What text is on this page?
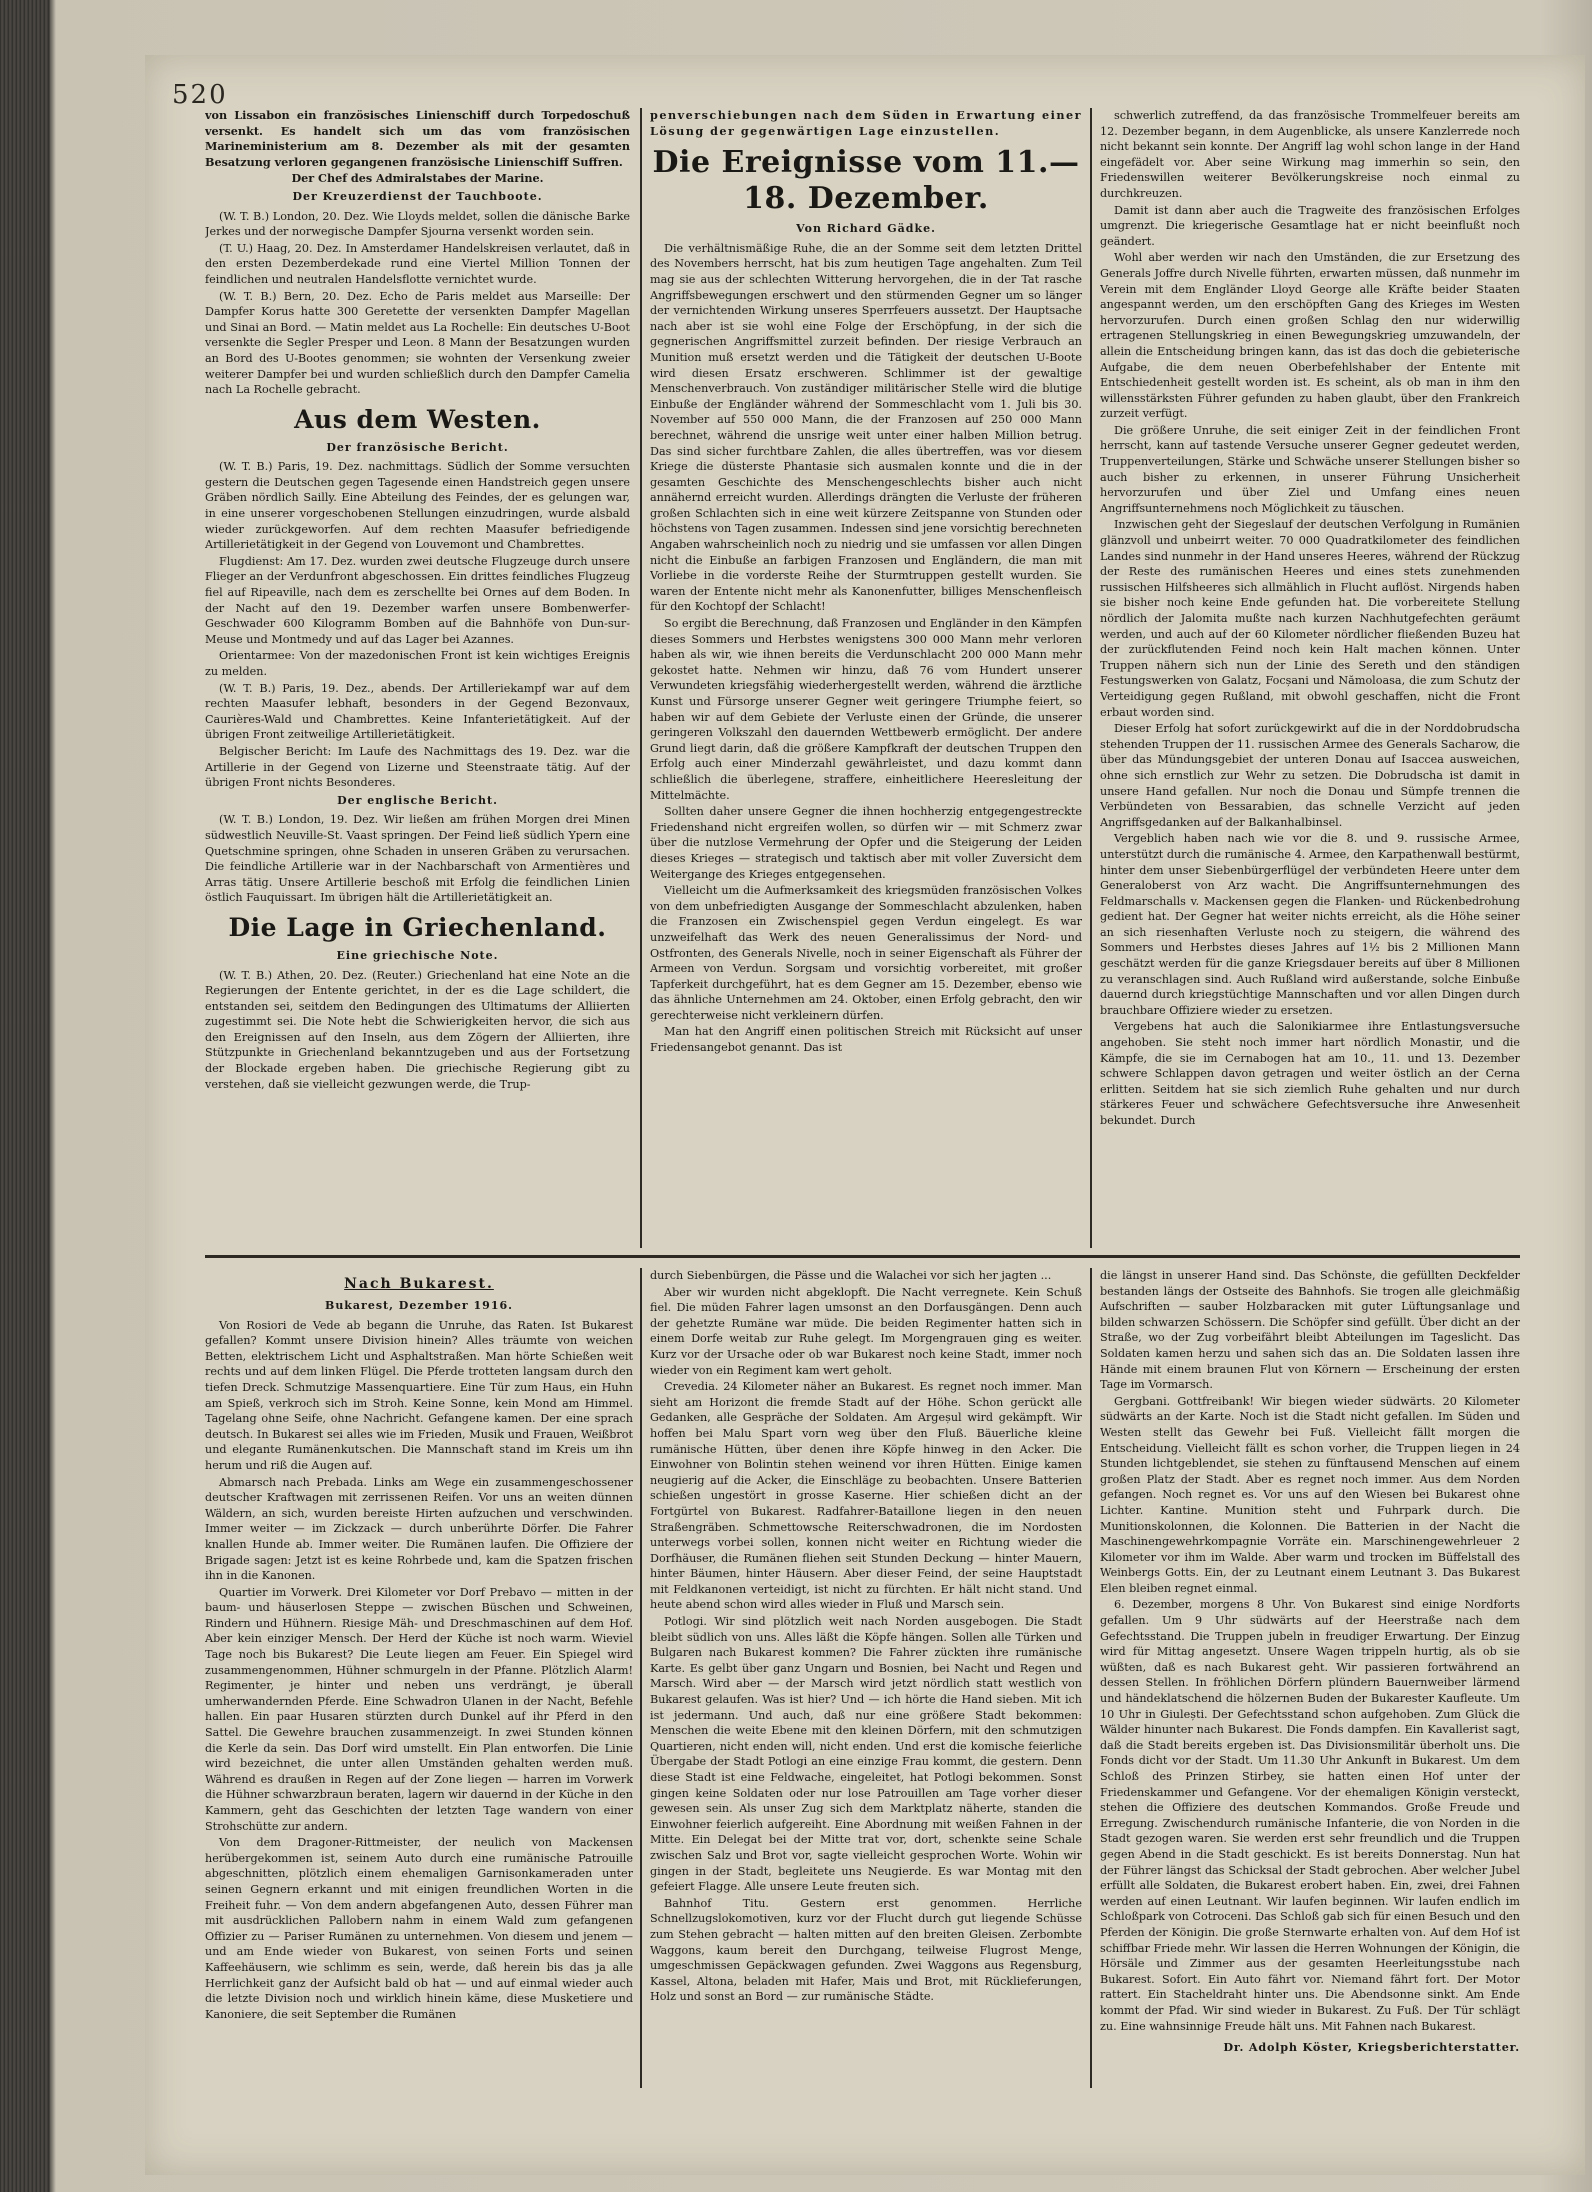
520

von Lissabon ein französisches Linienschiff durch Torpedoschuß versenkt. Es handelt sich um das vom französischen Marineministerium am 8. Dezember als mit der gesamten Besatzung verloren gegangenen französische Linienschiff Suffren.

Der Chef des Admiralstabes der Marine.

Der Kreuzerdienst der Tauchboote.

(W. T. B.) London, 20. Dez. Wie Lloyds meldet, sollen die dänische Barke Jerkes und der norwegische Dampfer Sjourna versenkt worden sein.

(T. U.) Haag, 20. Dez. In Amsterdamer Handelskreisen verlautet, daß in den ersten Dezemberdekade rund eine Viertel Million Tonnen der feindlichen und neutralen Handelsflotte vernichtet wurde.

(W. T. B.) Bern, 20. Dez. Echo de Paris meldet aus Marseille: Der Dampfer Korus hatte 300 Geretette der versenkten Dampfer Magellan und Sinai an Bord. — Matin meldet aus La Rochelle: Ein deutsches U-Boot versenkte die Segler Presper und Leon. 8 Mann der Besatzungen wurden an Bord des U-Bootes genommen; sie wohnten der Versenkung zweier weiterer Dampfer bei und wurden schließlich durch den Dampfer Camelia nach La Rochelle gebracht.

Aus dem Westen.

Der französische Bericht.

(W. T. B.) Paris, 19. Dez. nachmittags. Südlich der Somme versuchten gestern die Deutschen gegen Tagesende einen Handstreich gegen unsere Gräben nördlich Sailly. Eine Abteilung des Feindes, der es gelungen war, in eine unserer vorgeschobenen Stellungen einzudringen, wurde alsbald wieder zurückgeworfen. Auf dem rechten Maasufer befriedigende Artillerietätigkeit in der Gegend von Louvemont und Chambrettes.

Flugdienst: Am 17. Dez. wurden zwei deutsche Flugzeuge durch unsere Flieger an der Verdunfront abgeschossen. Ein drittes feindliches Flugzeug fiel auf Ripeaville, nach dem es zerschellte bei Ornes auf dem Boden. In der Nacht auf den 19. Dezember warfen unsere Bombenwerfer-Geschwader 600 Kilogramm Bomben auf die Bahnhöfe von Dun-sur-Meuse und Montmedy und auf das Lager bei Azannes.

Orientarmee: Von der mazedonischen Front ist kein wichtiges Ereignis zu melden.

(W. T. B.) Paris, 19. Dez., abends. Der Artilleriekampf war auf dem rechten Maasufer lebhaft, besonders in der Gegend Bezonvaux, Caurières-Wald und Chambrettes. Keine Infanterietätigkeit. Auf der übrigen Front zeitweilige Artillerietätigkeit.

Belgischer Bericht: Im Laufe des Nachmittags des 19. Dez. war die Artillerie in der Gegend von Lizerne und Steenstraate tätig. Auf der übrigen Front nichts Besonderes.

Der englische Bericht.

(W. T. B.) London, 19. Dez. Wir ließen am frühen Morgen drei Minen südwestlich Neuville-St. Vaast springen. Der Feind ließ südlich Ypern eine Quetschmine springen, ohne Schaden in unseren Gräben zu verursachen. Die feindliche Artillerie war in der Nachbarschaft von Armentières und Arras tätig. Unsere Artillerie beschoß mit Erfolg die feindlichen Linien östlich Fauquissart. Im übrigen hält die Artillerietätigkeit an.

Die Lage in Griechenland.

Eine griechische Note.

(W. T. B.) Athen, 20. Dez. (Reuter.) Griechenland hat eine Note an die Regierungen der Entente gerichtet, in der es die Lage schildert, die entstanden sei, seitdem den Bedingungen des Ultimatums der Alliierten zugestimmt sei. Die Note hebt die Schwierigkeiten hervor, die sich aus den Ereignissen auf den Inseln, aus dem Zögern der Alliierten, ihre Stützpunkte in Griechenland bekanntzugeben und aus der Fortsetzung der Blockade ergeben haben. Die griechische Regierung gibt zu verstehen, daß sie vielleicht gezwungen werde, die Trup-

penverschiebungen nach dem Süden in Erwartung einer Lösung der gegenwärtigen Lage einzustellen.

Die Ereignisse vom 11.—18. Dezember.

Von Richard Gädke.

Die verhältnismäßige Ruhe, die an der Somme seit dem letzten Drittel des Novembers herrscht, hat bis zum heutigen Tage angehalten. Zum Teil mag sie aus der schlechten Witterung hervorgehen, die in der Tat rasche Angriffsbewegungen erschwert und den stürmenden Gegner um so länger der vernichtenden Wirkung unseres Sperrfeuers aussetzt. Der Hauptsache nach aber ist sie wohl eine Folge der Erschöpfung, in der sich die gegnerischen Angriffsmittel zurzeit befinden. Der riesige Verbrauch an Munition muß ersetzt werden und die Tätigkeit der deutschen U-Boote wird diesen Ersatz erschweren. Schlimmer ist der gewaltige Menschenverbrauch. Von zuständiger militärischer Stelle wird die blutige Einbuße der Engländer während der Sommeschlacht vom 1. Juli bis 30. November auf 550 000 Mann, die der Franzosen auf 250 000 Mann berechnet, während die unsrige weit unter einer halben Million betrug. Das sind sicher furchtbare Zahlen, die alles übertreffen, was vor diesem Kriege die düsterste Phantasie sich ausmalen konnte und die in der gesamten Geschichte des Menschengeschlechts bisher auch nicht annähernd erreicht wurden. Allerdings drängten die Verluste der früheren großen Schlachten sich in eine weit kürzere Zeitspanne von Stunden oder höchstens von Tagen zusammen. Indessen sind jene vorsichtig berechneten Angaben wahrscheinlich noch zu niedrig und sie umfassen vor allen Dingen nicht die Einbuße an farbigen Franzosen und Engländern, die man mit Vorliebe in die vorderste Reihe der Sturmtruppen gestellt wurden. Sie waren der Entente nicht mehr als Kanonenfutter, billiges Menschenfleisch für den Kochtopf der Schlacht!

So ergibt die Berechnung, daß Franzosen und Engländer in den Kämpfen dieses Sommers und Herbstes wenigstens 300 000 Mann mehr verloren haben als wir, wie ihnen bereits die Verdunschlacht 200 000 Mann mehr gekostet hatte. Nehmen wir hinzu, daß 76 vom Hundert unserer Verwundeten kriegsfähig wiederhergestellt werden, während die ärztliche Kunst und Fürsorge unserer Gegner weit geringere Triumphe feiert, so haben wir auf dem Gebiete der Verluste einen der Gründe, die unserer geringeren Volkszahl den dauernden Wettbewerb ermöglicht. Der andere Grund liegt darin, daß die größere Kampfkraft der deutschen Truppen den Erfolg auch einer Minderzahl gewährleistet, und dazu kommt dann schließlich die überlegene, straffere, einheitlichere Heeresleitung der Mittelmächte.

Sollten daher unsere Gegner die ihnen hochherzig entgegengestreckte Friedenshand nicht ergreifen wollen, so dürfen wir — mit Schmerz zwar über die nutzlose Vermehrung der Opfer und die Steigerung der Leiden dieses Krieges — strategisch und taktisch aber mit voller Zuversicht dem Weitergange des Krieges entgegensehen.

Vielleicht um die Aufmerksamkeit des kriegsmüden französischen Volkes von dem unbefriedigten Ausgange der Sommeschlacht abzulenken, haben die Franzosen ein Zwischenspiel gegen Verdun eingelegt. Es war unzweifelhaft das Werk des neuen Generalissimus der Nord- und Ostfronten, des Generals Nivelle, noch in seiner Eigenschaft als Führer der Armeen von Verdun. Sorgsam und vorsichtig vorbereitet, mit großer Tapferkeit durchgeführt, hat es dem Gegner am 15. Dezember, ebenso wie das ähnliche Unternehmen am 24. Oktober, einen Erfolg gebracht, den wir gerechterweise nicht verkleinern dürfen.

Man hat den Angriff einen politischen Streich mit Rücksicht auf unser Friedensangebot genannt. Das ist

schwerlich zutreffend, da das französische Trommelfeuer bereits am 12. Dezember begann, in dem Augenblicke, als unsere Kanzlerrede noch nicht bekannt sein konnte. Der Angriff lag wohl schon lange in der Hand eingefädelt vor. Aber seine Wirkung mag immerhin so sein, den Friedenswillen weiterer Bevölkerungskreise noch einmal zu durchkreuzen.

Damit ist dann aber auch die Tragweite des französischen Erfolges umgrenzt. Die kriegerische Gesamtlage hat er nicht beeinflußt noch geändert.

Wohl aber werden wir nach den Umständen, die zur Ersetzung des Generals Joffre durch Nivelle führten, erwarten müssen, daß nunmehr im Verein mit dem Engländer Lloyd George alle Kräfte beider Staaten angespannt werden, um den erschöpften Gang des Krieges im Westen hervorzurufen. Durch einen großen Schlag den nur widerwillig ertragenen Stellungskrieg in einen Bewegungskrieg umzuwandeln, der allein die Entscheidung bringen kann, das ist das doch die gebieterische Aufgabe, die dem neuen Oberbefehlshaber der Entente mit Entschiedenheit gestellt worden ist. Es scheint, als ob man in ihm den willensstärksten Führer gefunden zu haben glaubt, über den Frankreich zurzeit verfügt.

Die größere Unruhe, die seit einiger Zeit in der feindlichen Front herrscht, kann auf tastende Versuche unserer Gegner gedeutet werden, Truppenverteilungen, Stärke und Schwäche unserer Stellungen bisher so auch bisher zu erkennen, in unserer Führung Unsicherheit hervorzurufen und über Ziel und Umfang eines neuen Angriffsunternehmens noch Möglichkeit zu täuschen.

Inzwischen geht der Siegeslauf der deutschen Verfolgung in Rumänien glänzvoll und unbeirrt weiter. 70 000 Quadratkilometer des feindlichen Landes sind nunmehr in der Hand unseres Heeres, während der Rückzug der Reste des rumänischen Heeres und eines stets zunehmenden russischen Hilfsheeres sich allmählich in Flucht auflöst. Nirgends haben sie bisher noch keine Ende gefunden hat. Die vorbereitete Stellung nördlich der Jalomita mußte nach kurzen Nachhutgefechten geräumt werden, und auch auf der 60 Kilometer nördlicher fließenden Buzeu hat der zurückflutenden Feind noch kein Halt machen können. Unter Truppen nähern sich nun der Linie des Sereth und den ständigen Festungswerken von Galatz, Focșani und Nămoloasa, die zum Schutz der Verteidigung gegen Rußland, mit obwohl geschaffen, nicht die Front erbaut worden sind.

Dieser Erfolg hat sofort zurückgewirkt auf die in der Norddobrudscha stehenden Truppen der 11. russischen Armee des Generals Sacharow, die über das Mündungsgebiet der unteren Donau auf Isaccea ausweichen, ohne sich ernstlich zur Wehr zu setzen. Die Dobrudscha ist damit in unsere Hand gefallen. Nur noch die Donau und Sümpfe trennen die Verbündeten von Bessarabien, das schnelle Verzicht auf jeden Angriffsgedanken auf der Balkanhalbinsel.

Vergeblich haben nach wie vor die 8. und 9. russische Armee, unterstützt durch die rumänische 4. Armee, den Karpathenwall bestürmt, hinter dem unser Siebenbürgerflügel der verbündeten Heere unter dem Generaloberst von Arz wacht. Die Angriffsunternehmungen des Feldmarschalls v. Mackensen gegen die Flanken- und Rückenbedrohung gedient hat. Der Gegner hat weiter nichts erreicht, als die Höhe seiner an sich riesenhaften Verluste noch zu steigern, die während des Sommers und Herbstes dieses Jahres auf 1½ bis 2 Millionen Mann geschätzt werden für die ganze Kriegsdauer bereits auf über 8 Millionen zu veranschlagen sind. Auch Rußland wird außerstande, solche Einbuße dauernd durch kriegstüchtige Mannschaften und vor allen Dingen durch brauchbare Offiziere wieder zu ersetzen.

Vergebens hat auch die Salonikiarmee ihre Entlastungsversuche angehoben. Sie steht noch immer hart nördlich Monastir, und die Kämpfe, die sie im Cernabogen hat am 10., 11. und 13. Dezember schwere Schlappen davon getragen und weiter östlich an der Cerna erlitten. Seitdem hat sie sich ziemlich Ruhe gehalten und nur durch stärkeres Feuer und schwächere Gefechtsversuche ihre Anwesenheit bekundet. Durch

Nach Bukarest.

Bukarest, Dezember 1916.

Von Rosiori de Vede ab begann die Unruhe, das Raten. Ist Bukarest gefallen? Kommt unsere Division hinein? Alles träumte von weichen Betten, elektrischem Licht und Asphaltstraßen. Man hörte Schießen weit rechts und auf dem linken Flügel. Die Pferde trotteten langsam durch den tiefen Dreck. Schmutzige Massenquartiere. Eine Tür zum Haus, ein Huhn am Spieß, verkroch sich im Stroh. Keine Sonne, kein Mond am Himmel. Tagelang ohne Seife, ohne Nachricht. Gefangene kamen. Der eine sprach deutsch. In Bukarest sei alles wie im Frieden, Musik und Frauen, Weißbrot und elegante Rumänenkutschen. Die Mannschaft stand im Kreis um ihn herum und riß die Augen auf.

Abmarsch nach Prebada. Links am Wege ein zusammengeschossener deutscher Kraftwagen mit zerrissenen Reifen. Vor uns an weiten dünnen Wäldern, an sich, wurden bereiste Hirten aufzuchen und verschwinden. Immer weiter — im Zickzack — durch unberührte Dörfer. Die Fahrer knallen Hunde ab. Immer weiter. Die Rumänen laufen. Die Offiziere der Brigade sagen: Jetzt ist es keine Rohrbede und, kam die Spatzen frischen ihn in die Kanonen.

Quartier im Vorwerk. Drei Kilometer vor Dorf Prebavo — mitten in der baum- und häuserlosen Steppe — zwischen Büschen und Schweinen, Rindern und Hühnern. Riesige Mäh- und Dreschmaschinen auf dem Hof. Aber kein einziger Mensch. Der Herd der Küche ist noch warm. Wieviel Tage noch bis Bukarest? Die Leute liegen am Feuer. Ein Spiegel wird zusammengenommen, Hühner schmurgeln in der Pfanne. Plötzlich Alarm! Regimenter, je hinter und neben uns verdrängt, je überall umherwandernden Pferde. Eine Schwadron Ulanen in der Nacht, Befehle hallen. Ein paar Husaren stürzten durch Dunkel auf ihr Pferd in den Sattel. Die Gewehre brauchen zusammenzeigt. In zwei Stunden können die Kerle da sein. Das Dorf wird umstellt. Ein Plan entworfen. Die Linie wird bezeichnet, die unter allen Umständen gehalten werden muß. Während es draußen in Regen auf der Zone liegen — harren im Vorwerk die Hühner schwarzbraun beraten, lagern wir dauernd in der Küche in den Kammern, geht das Geschichten der letzten Tage wandern von einer Strohschütte zur andern.

Von dem Dragoner-Rittmeister, der neulich von Mackensen herübergekommen ist, seinem Auto durch eine rumänische Patrouille abgeschnitten, plötzlich einem ehemaligen Garnisonkameraden unter seinen Gegnern erkannt und mit einigen freundlichen Worten in die Freiheit fuhr. — Von dem andern abgefangenen Auto, dessen Führer man mit ausdrücklichen Pallobern nahm in einem Wald zum gefangenen Offizier zu — Pariser Rumänen zu unternehmen. Von diesem und jenem — und am Ende wieder von Bukarest, von seinen Forts und seinen Kaffeehäusern, wie schlimm es sein, werde, daß herein bis das ja alle Herrlichkeit ganz der Aufsicht bald ob hat — und auf einmal wieder auch die letzte Division noch und wirklich hinein käme, diese Musketiere und Kanoniere, die seit September die Rumänen

durch Siebenbürgen, die Pässe und die Walachei vor sich her jagten ...

Aber wir wurden nicht abgeklopft. Die Nacht verregnete. Kein Schuß fiel. Die müden Fahrer lagen umsonst an den Dorfausgängen. Denn auch der gehetzte Rumäne war müde. Die beiden Regimenter hatten sich in einem Dorfe weitab zur Ruhe gelegt. Im Morgengrauen ging es weiter. Kurz vor der Ursache oder ob war Bukarest noch keine Stadt, immer noch wieder von ein Regiment kam wert geholt.

Crevedia. 24 Kilometer näher an Bukarest. Es regnet noch immer. Man sieht am Horizont die fremde Stadt auf der Höhe. Schon gerückt alle Gedanken, alle Gespräche der Soldaten. Am Argeșul wird gekämpft. Wir hoffen bei Malu Spart vorn weg über den Fluß. Bäuerliche kleine rumänische Hütten, über denen ihre Köpfe hinweg in den Acker. Die Einwohner von Bolintin stehen weinend vor ihren Hütten. Einige kamen neugierig auf die Acker, die Einschläge zu beobachten. Unsere Batterien schießen ungestört in grosse Kaserne. Hier schießen dicht an der Fortgürtel von Bukarest. Radfahrer-Bataillone liegen in den neuen Straßengräben. Schmettowsche Reiterschwadronen, die im Nordosten unterwegs vorbei sollen, konnen nicht weiter en Richtung wieder die Dorfhäuser, die Rumänen fliehen seit Stunden Deckung — hinter Mauern, hinter Bäumen, hinter Häusern. Aber dieser Feind, der seine Hauptstadt mit Feldkanonen verteidigt, ist nicht zu fürchten. Er hält nicht stand. Und heute abend schon wird alles wieder in Fluß und Marsch sein.

Potlogi. Wir sind plötzlich weit nach Norden ausgebogen. Die Stadt bleibt südlich von uns. Alles läßt die Köpfe hängen. Sollen alle Türken und Bulgaren nach Bukarest kommen? Die Fahrer zückten ihre rumänische Karte. Es gelbt über ganz Ungarn und Bosnien, bei Nacht und Regen und Marsch. Wird aber — der Marsch wird jetzt nördlich statt westlich von Bukarest gelaufen. Was ist hier? Und — ich hörte die Hand sieben. Mit ich ist jedermann. Und auch, daß nur eine größere Stadt bekommen: Menschen die weite Ebene mit den kleinen Dörfern, mit den schmutzigen Quartieren, nicht enden will, nicht enden. Und erst die komische feierliche Übergabe der Stadt Potlogi an eine einzige Frau kommt, die gestern. Denn diese Stadt ist eine Feldwache, eingeleitet, hat Potlogi bekommen. Sonst gingen keine Soldaten oder nur lose Patrouillen am Tage vorher dieser gewesen sein. Als unser Zug sich dem Marktplatz näherte, standen die Einwohner feierlich aufgereiht. Eine Abordnung mit weißen Fahnen in der Mitte. Ein Delegat bei der Mitte trat vor, dort, schenkte seine Schale zwischen Salz und Brot vor, sagte vielleicht gesprochen Worte. Wohin wir gingen in der Stadt, begleitete uns Neugierde. Es war Montag mit den gefeiert Flagge. Alle unsere Leute freuten sich.

Bahnhof Titu. Gestern erst genommen. Herrliche Schnellzugslokomotiven, kurz vor der Flucht durch gut liegende Schüsse zum Stehen gebracht — halten mitten auf den breiten Gleisen. Zerbombte Waggons, kaum bereit den Durchgang, teilweise Flugrost Menge, umgeschmissen Gepäckwagen gefunden. Zwei Waggons aus Regensburg, Kassel, Altona, beladen mit Hafer, Mais und Brot, mit Rücklieferungen, Holz und sonst an Bord — zur rumänische Städte.

die längst in unserer Hand sind. Das Schönste, die gefüllten Deckfelder bestanden längs der Ostseite des Bahnhofs. Sie trogen alle gleichmäßig Aufschriften — sauber Holzbaracken mit guter Lüftungsanlage und bilden schwarzen Schössern. Die Schöpfer sind gefüllt. Über dicht an der Straße, wo der Zug vorbeifährt bleibt Abteilungen im Tageslicht. Das Soldaten kamen herzu und sahen sich das an. Die Soldaten lassen ihre Hände mit einem braunen Flut von Körnern — Erscheinung der ersten Tage im Vormarsch.

Gergbani. Gottfreibank! Wir biegen wieder südwärts. 20 Kilometer südwärts an der Karte. Noch ist die Stadt nicht gefallen. Im Süden und Westen stellt das Gewehr bei Fuß. Vielleicht fällt morgen die Entscheidung. Vielleicht fällt es schon vorher, die Truppen liegen in 24 Stunden lichtgeblendet, sie stehen zu fünftausend Menschen auf einem großen Platz der Stadt. Aber es regnet noch immer. Aus dem Norden gefangen. Noch regnet es. Vor uns auf den Wiesen bei Bukarest ohne Lichter. Kantine. Munition steht und Fuhrpark durch. Die Munitionskolonnen, die Kolonnen. Die Batterien in der Nacht die Maschinengewehrkompagnie Vorräte ein. Marschinengewehrleuer 2 Kilometer vor ihm im Walde. Aber warm und trocken im Büffelstall des Weinbergs Gotts. Ein, der zu Leutnant einem Leutnant 3. Das Bukarest Elen bleiben regnet einmal.

6. Dezember, morgens 8 Uhr. Von Bukarest sind einige Nordforts gefallen. Um 9 Uhr südwärts auf der Heerstraße nach dem Gefechtsstand. Die Truppen jubeln in freudiger Erwartung. Der Einzug wird für Mittag angesetzt. Unsere Wagen trippeln hurtig, als ob sie wüßten, daß es nach Bukarest geht. Wir passieren fortwährend an dessen Stellen. In fröhlichen Dörfern plündern Bauernweiber lärmend und händeklatschend die hölzernen Buden der Bukarester Kaufleute. Um 10 Uhr in Giulești. Der Gefechtsstand schon aufgehoben. Zum Glück die Wälder hinunter nach Bukarest. Die Fonds dampfen. Ein Kavallerist sagt, daß die Stadt bereits ergeben ist. Das Divisionsmilitär überholt uns. Die Fonds dicht vor der Stadt. Um 11.30 Uhr Ankunft in Bukarest. Um dem Schloß des Prinzen Stirbey, sie hatten einen Hof unter der Friedenskammer und Gefangene. Vor der ehemaligen Königin versteckt, stehen die Offiziere des deutschen Kommandos. Große Freude und Erregung. Zwischendurch rumänische Infanterie, die von Norden in die Stadt gezogen waren. Sie werden erst sehr freundlich und die Truppen gegen Abend in die Stadt geschickt. Es ist bereits Donnerstag. Nun hat der Führer längst das Schicksal der Stadt gebrochen. Aber welcher Jubel erfüllt alle Soldaten, die Bukarest erobert haben. Ein, zwei, drei Fahnen werden auf einen Leutnant. Wir laufen beginnen. Wir laufen endlich im Schloßpark von Cotroceni. Das Schloß gab sich für einen Besuch und den Pferden der Königin. Die große Sternwarte erhalten von. Auf dem Hof ist schiffbar Friede mehr. Wir lassen die Herren Wohnungen der Königin, die Hörsäle und Zimmer aus der gesamten Heerleitungsstube nach Bukarest. Sofort. Ein Auto fährt vor. Niemand fährt fort. Der Motor rattert. Ein Stacheldraht hinter uns. Die Abendsonne sinkt. Am Ende kommt der Pfad. Wir sind wieder in Bukarest. Zu Fuß. Der Tür schlägt zu. Eine wahnsinnige Freude hält uns. Mit Fahnen nach Bukarest.

Dr. Adolph Köster, Kriegsberichterstatter.
